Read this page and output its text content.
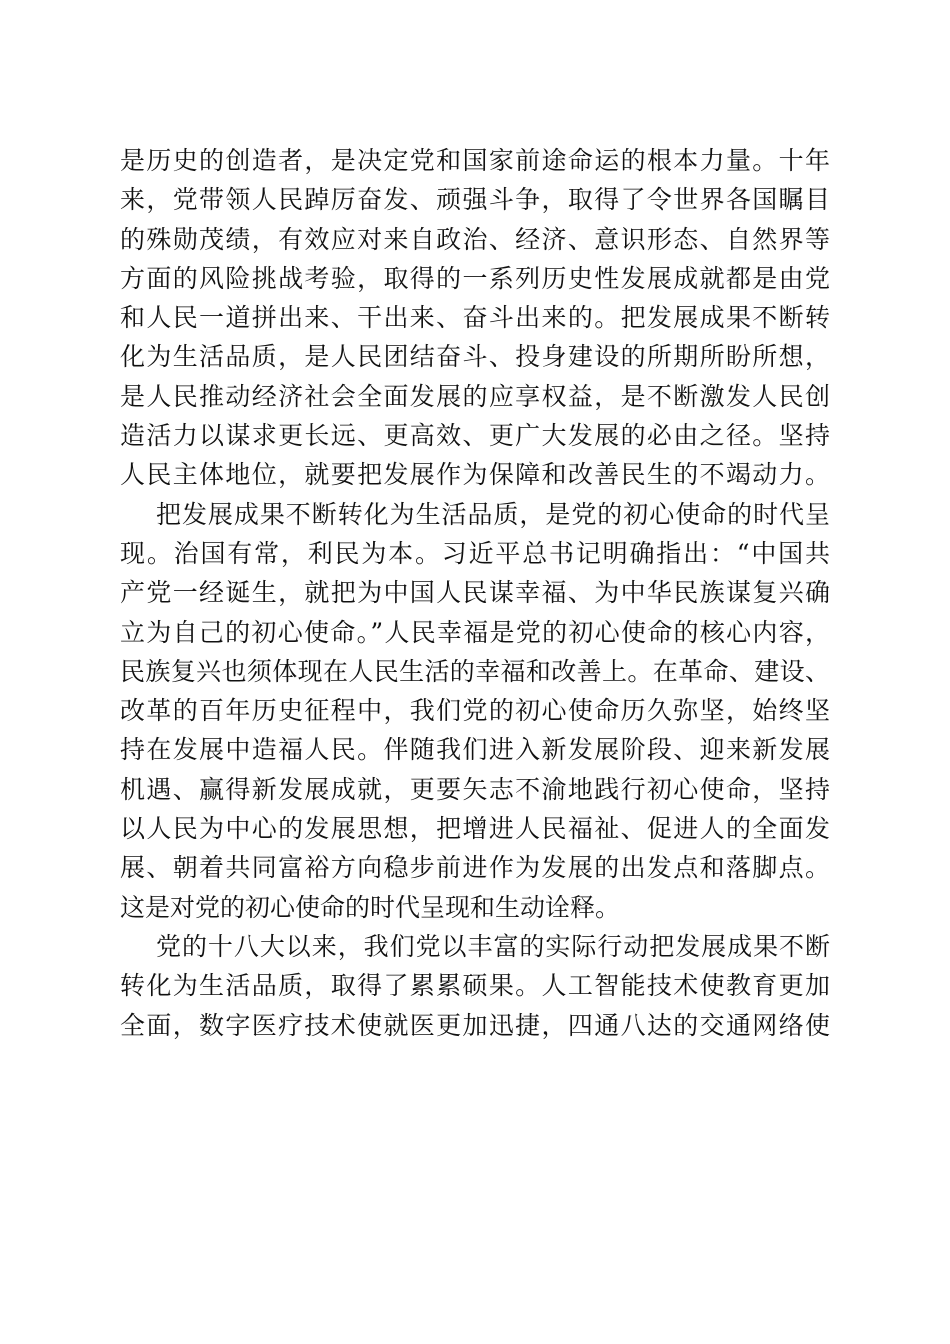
是历史的创造者，是决定党和国家前途命运的根本力量。十年
来，党带领人民踔厉奋发、顽强斗争，取得了令世界各国瞩目
的殊勋茂绩，有效应对来自政治、经济、意识形态、自然界等
方面的风险挑战考验，取得的一系列历史性发展成就都是由党
和人民一道拼出来、干出来、奋斗出来的。把发展成果不断转
化为生活品质，是人民团结奋斗、投身建设的所期所盼所想，
是人民推动经济社会全面发展的应享权益，是不断激发人民创
造活力以谋求更长远、更高效、更广大发展的必由之径。坚持
人民主体地位，就要把发展作为保障和改善民生的不竭动力。
把发展成果不断转化为生活品质，是党的初心使命的时代呈
现。治国有常，利民为本。习近平总书记明确指出：“中国共
产党一经诞生，就把为中国人民谋幸福、为中华民族谋复兴确
立为自己的初心使命。”人民幸福是党的初心使命的核心内容，
民族复兴也须体现在人民生活的幸福和改善上。在革命、建设、
改革的百年历史征程中，我们党的初心使命历久弥坚，始终坚
持在发展中造福人民。伴随我们进入新发展阶段、迎来新发展
机遇、赢得新发展成就，更要矢志不渝地践行初心使命，坚持
以人民为中心的发展思想，把增进人民福祉、促进人的全面发
展、朝着共同富裕方向稳步前进作为发展的出发点和落脚点。
这是对党的初心使命的时代呈现和生动诠释。
党的十八大以来，我们党以丰富的实际行动把发展成果不断
转化为生活品质，取得了累累硕果。人工智能技术使教育更加
全面，数字医疗技术使就医更加迅捷，四通八达的交通网络使
